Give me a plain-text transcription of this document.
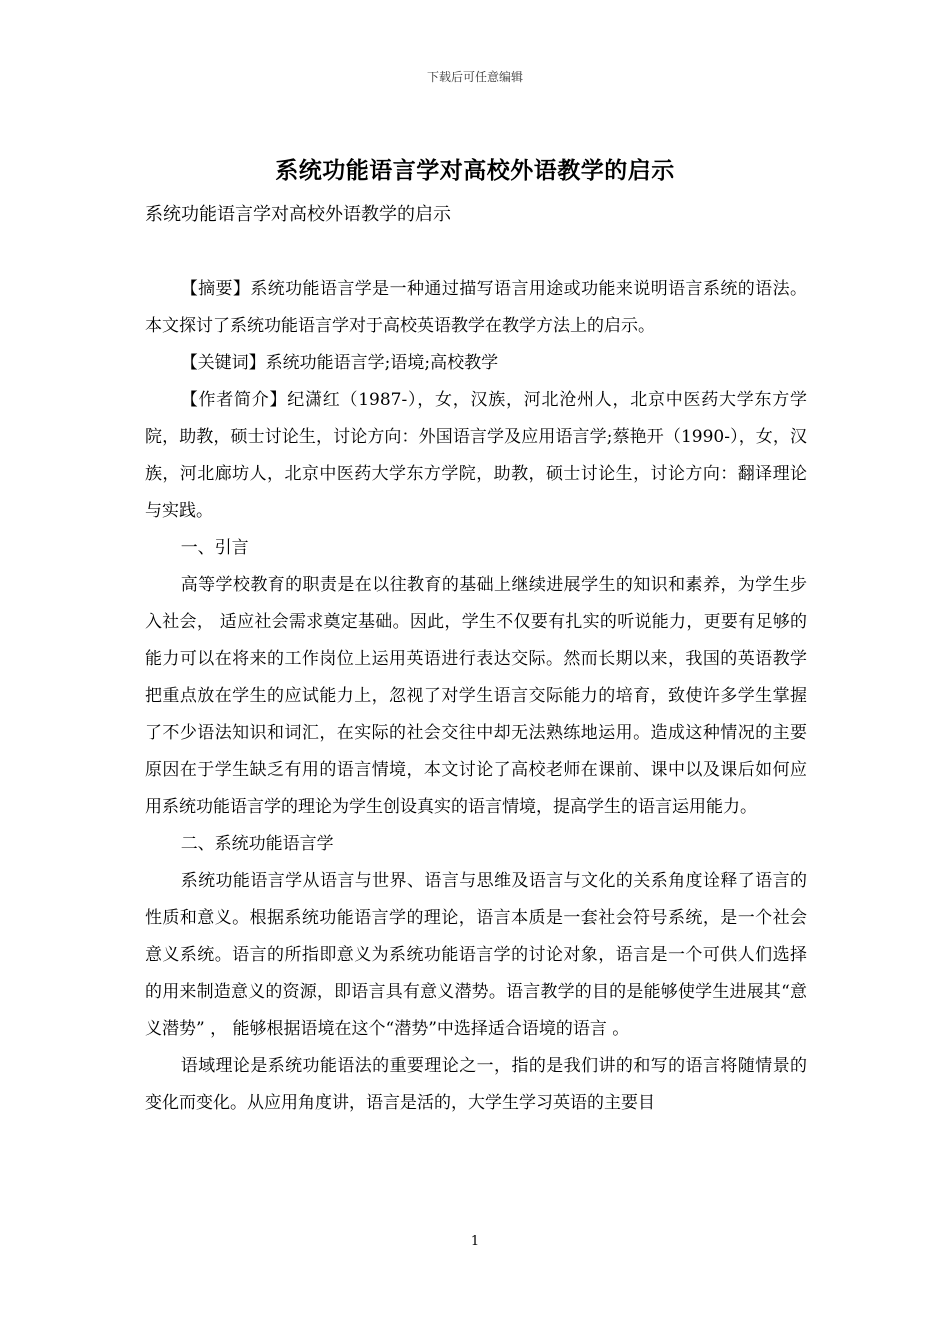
下载后可任意编辑
系统功能语言学对高校外语教学的启示
系统功能语言学对高校外语教学的启示

【摘要】系统功能语言学是一种通过描写语言用途或功能来说明语言系统的语法。本文探讨了系统功能语言学对于高校英语教学在教学方法上的启示。

【关键词】系统功能语言学;语境;高校教学

【作者简介】纪潇红（1987-），女，汉族，河北沧州人，北京中医药大学东方学院，助教，硕士讨论生，讨论方向：外国语言学及应用语言学;蔡艳开（1990-），女，汉族，河北廊坊人，北京中医药大学东方学院，助教，硕士讨论生，讨论方向：翻译理论与实践。

一、引言

高等学校教育的职责是在以往教育的基础上继续进展学生的知识和素养，为学生步入社会， 适应社会需求奠定基础。因此，学生不仅要有扎实的听说能力，更要有足够的能力可以在将来的工作岗位上运用英语进行表达交际。然而长期以来，我国的英语教学把重点放在学生的应试能力上，忽视了对学生语言交际能力的培育，致使许多学生掌握了不少语法知识和词汇，在实际的社会交往中却无法熟练地运用。造成这种情况的主要原因在于学生缺乏有用的语言情境，本文讨论了高校老师在课前、课中以及课后如何应用系统功能语言学的理论为学生创设真实的语言情境，提高学生的语言运用能力。

二、系统功能语言学

系统功能语言学从语言与世界、语言与思维及语言与文化的关系角度诠释了语言的性质和意义。根据系统功能语言学的理论，语言本质是一套社会符号系统，是一个社会意义系统。语言的所指即意义为系统功能语言学的讨论对象，语言是一个可供人们选择的用来制造意义的资源，即语言具有意义潜势。语言教学的目的是能够使学生进展其“意义潜势” ， 能够根据语境在这个“潜势”中选择适合语境的语言 。

语域理论是系统功能语法的重要理论之一，指的是我们讲的和写的语言将随情景的变化而变化。从应用角度讲，语言是活的，大学生学习英语的主要目

1
